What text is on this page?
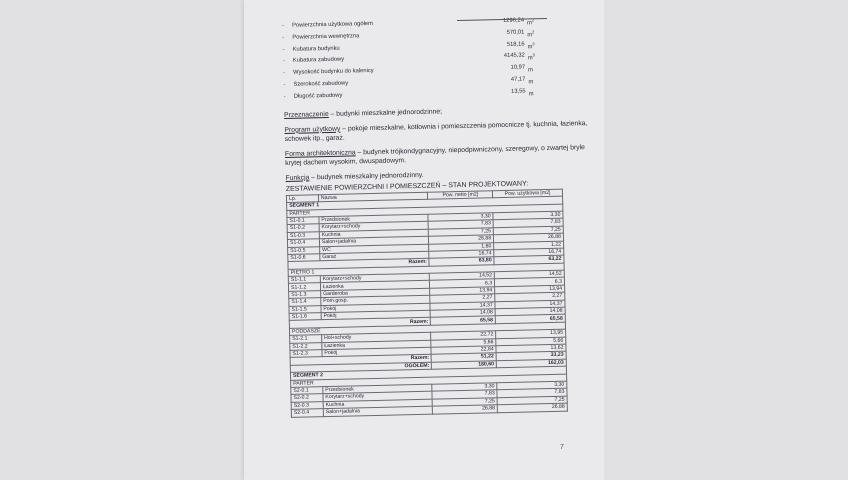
-	Powierzchnia użytkowa ogółem
1296,24 $m^2$
-	Powierzchnia wewnętrzna
570,01 $m^2$
-	Kubatura budynku
518,16 $m^3$
-	Kubatura zabudowy
4145,32 $m^3$
-	Wysokość budynku do kalenicy
10,97 m
-	Szerokość zabudowy
47,17 m
-	Długość zabudowy
13,55 m
Przeznaczenie – budynki mieszkalne jednorodzinne;
Program użytkowy – pokoje mieszkalne, kotłownia i pomieszczenia pomocnicze tj. kuchnia, łazienka, schowek itp., garaż.
Forma architektoniczna – budynek trójkondygnacyjny, niepodpiwniczony, szeregowy, o zwartej bryle krytej dachem wysokim, dwuspadowym.
Funkcja – budynek mieszkalny jednorodzinny.
ZESTAWIENIE POWIERZCHNI I POMIESZCZEŃ – STAN PROJEKTOWANY:
Lp.	Nazwa	Pow. netto [m2]	Pow. użytkowa [m2]
SEGMENT 1			
PARTER			
S1-0.1	Przedsionek	3,30	3,30
S1-0.2	Korytarz+schody	7,83	7,83
S1-0.3	Kuchnia	7,25	7,25
S1-0.4	Salon+jadalnia	26,88	26,88
S1-0.5	WC	1,80	1,22
S1-0.6	Garaż	16,74	16,74
Razem:		63,80	63,22
PIĘTRO 1			
S1-1.1	Korytarz+schody	14,52	14,52
S1-1.2	Łazienka	6,3	6,3
S1-1.3	Garderoba	13,94	13,94
S1-1.4	Pom.gosp.	2,27	2,27
S1-1.5	Pokój	14,37	14,37
S1-1.6	Pokój	14,08	14,08
Razem:		65,58	65,58
PODDASZE			
S1-2.1	Hol+schody	22,72	13,95
S1-2.2	Łazienka	5,66	5,66
S1-2.3	Pokój	22,84	13,62
Razem:		51,22	33,23
OGÓŁEM:		180,60	162,03
SEGMENT 2			
PARTER			
S2-0.1	Przedsionek	3,30	3,30
S2-0.2	Korytarz+schody	7,83	7,83
S2-0.3	Kuchnia	7,25	7,25
S2-0.4	Salon+jadalnia	26,88	26,88
7
